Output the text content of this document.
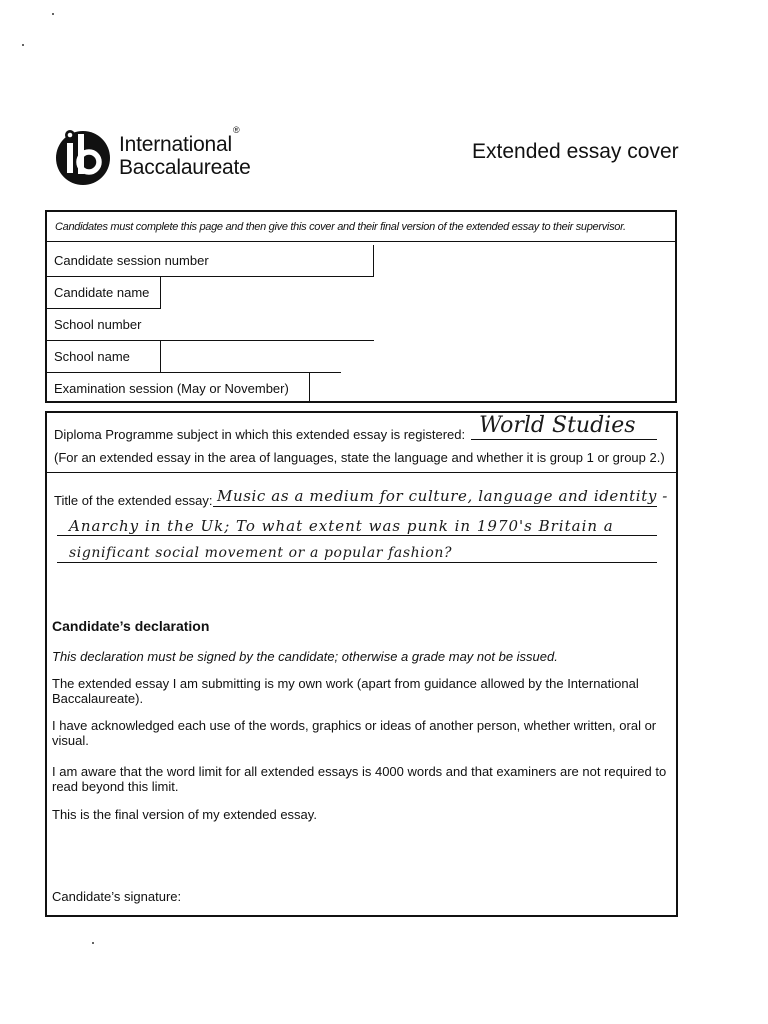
International®
Baccalaureate
Extended essay cover
Candidates must complete this page and then give this cover and their final version of the extended essay to their supervisor.
Candidate session number
Candidate name
School number
School name
Examination session (May or November)
Diploma Programme subject in which this extended essay is registered: World Studies
(For an extended essay in the area of languages, state the language and whether it is group 1 or group 2.)
Title of the extended essay: Music as a medium for culture, language and identity -
Anarchy in the Uk; To what extent was punk in 1970's Britain a
significant social movement or a popular fashion?
Candidate’s declaration
This declaration must be signed by the candidate; otherwise a grade may not be issued.
The extended essay I am submitting is my own work (apart from guidance allowed by the International Baccalaureate).
I have acknowledged each use of the words, graphics or ideas of another person, whether written, oral or visual.
I am aware that the word limit for all extended essays is 4000 words and that examiners are not required to read beyond this limit.
This is the final version of my extended essay.
Candidate’s signature:
